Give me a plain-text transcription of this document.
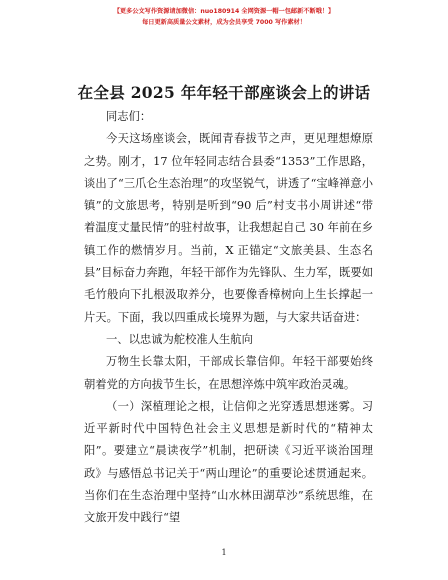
【更多公文写作资源请加微信：nuo180914 全网资源一帽一包邮新不断哦！】
每日更新高质量公文素材，成为会员享受 7000 写作素材！
在全县 2025 年年轻干部座谈会上的讲话

同志们：

今天这场座谈会，既闻青春拔节之声，更见理想燎原之势。刚才，17 位年轻同志结合县委“1353”工作思路，谈出了“三爪仑生态治理”的攻坚锐气，讲透了“宝峰禅意小镇”的文旅思考，特别是听到“90 后”村支书小周讲述“带着温度丈量民情”的驻村故事，让我想起自己 30 年前在乡镇工作的燃情岁月。当前，X 正锚定“文旅美县、生态名县”目标奋力奔跑，年轻干部作为先锋队、生力军，既要如毛竹般向下扎根汲取养分，也要像香樟树向上生长撑起一片天。下面，我以四重成长境界为题，与大家共话奋进：

一、以忠诚为舵校准人生航向

万物生长靠太阳，干部成长靠信仰。年轻干部要始终朝着党的方向拔节生长，在思想淬炼中筑牢政治灵魂。

（一）深植理论之根，让信仰之光穿透思想迷雾。习近平新时代中国特色社会主义思想是新时代的“精神太阳”。要建立“晨读夜学”机制，把研读《习近平谈治国理政》与感悟总书记关于“两山理论”的重要论述贯通起来。当你们在生态治理中坚持“山水林田湖草沙”系统思维，在文旅开发中践行“望

1
